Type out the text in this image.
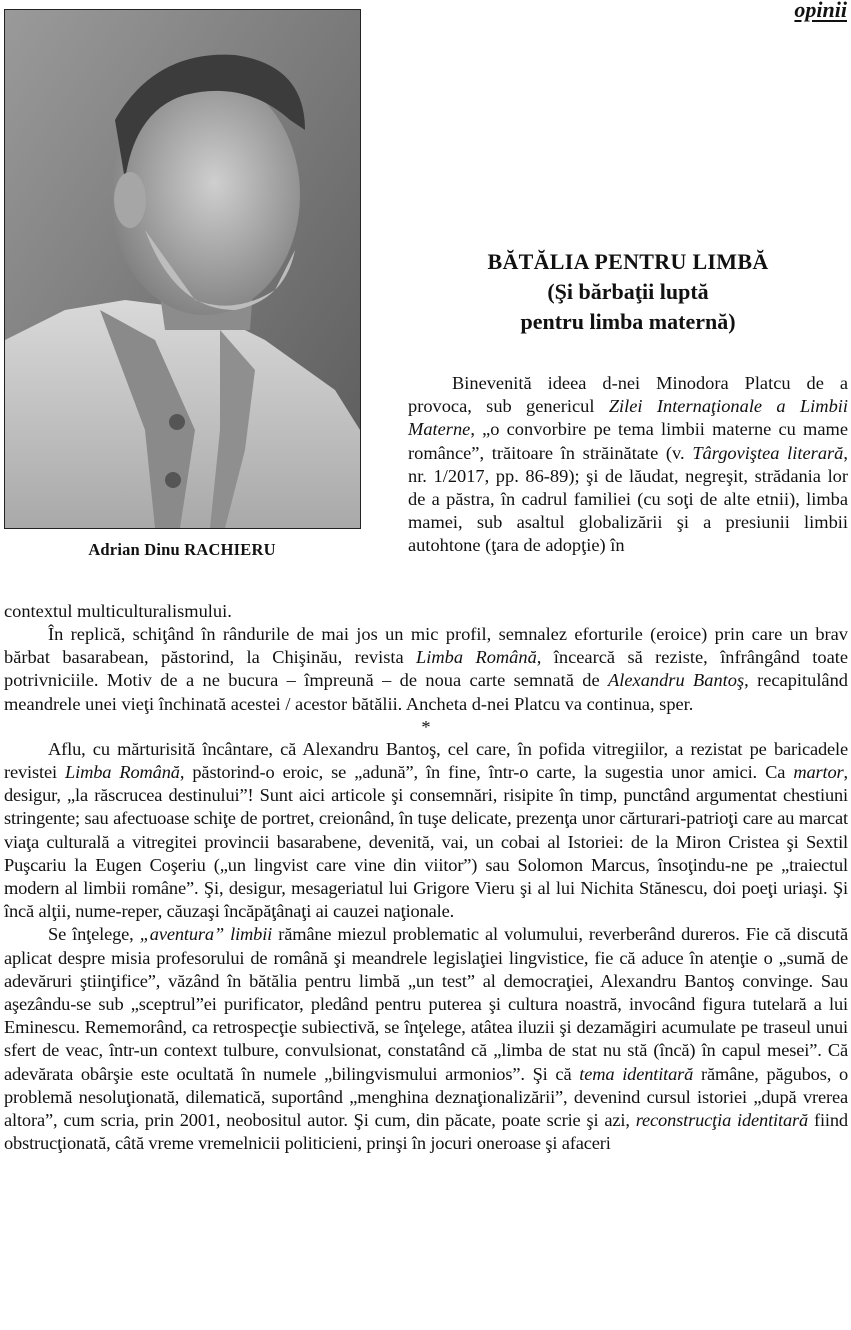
opinii

Adrian Dinu RACHIERU

BĂTĂLIA PENTRU LIMBĂ
(Şi bărbaţii luptă
pentru limba maternă)

Binevenită ideea d-nei Minodora Platcu de a provoca, sub genericul Zilei Internaţionale a Limbii Materne, „o convorbire pe tema limbii materne cu mame românce”, trăitoare în străinătate (v. Târgoviştea literară, nr. 1/2017, pp. 86-89); şi de lăudat, negreşit, strădania lor de a păstra, în cadrul familiei (cu soţi de alte etnii), limba mamei, sub asaltul globalizării şi a presiunii limbii autohtone (ţara de adopţie) în

contextul multiculturalismului.

În replică, schiţând în rândurile de mai jos un mic profil, semnalez eforturile (eroice) prin care un brav bărbat basarabean, păstorind, la Chişinău, revista Limba Română, încearcă să reziste, înfrângând toate potrivniciile. Motiv de a ne bucura – împreună – de noua carte semnată de Alexandru Bantoş, recapitulând meandrele unei vieţi închinată acestei / acestor bătălii. Ancheta d-nei Platcu va continua, sper.

*

Aflu, cu mărturisită încântare, că Alexandru Bantoş, cel care, în pofida vitregiilor, a rezistat pe baricadele revistei Limba Română, păstorind-o eroic, se „adună”, în fine, într-o carte, la sugestia unor amici. Ca martor, desigur, „la răscrucea destinului”! Sunt aici articole şi consemnări, risipite în timp, punctând argumentat chestiuni stringente; sau afectuoase schiţe de portret, creionând, în tuşe delicate, prezenţa unor cărturari-patrioţi care au marcat viaţa culturală a vitregitei provincii basarabene, devenită, vai, un cobai al Istoriei: de la Miron Cristea şi Sextil Puşcariu la Eugen Coşeriu („un lingvist care vine din viitor”) sau Solomon Marcus, însoţindu-ne pe „traiectul modern al limbii române”. Şi, desigur, mesageriatul lui Grigore Vieru şi al lui Nichita Stănescu, doi poeţi uriaşi. Şi încă alţii, nume-reper, căuzaşi încăpăţânaţi ai cauzei naţionale.

Se înţelege, „aventura” limbii rămâne miezul problematic al volumului, reverberând dureros. Fie că discută aplicat despre misia profesorului de română şi meandrele legislaţiei lingvistice, fie că aduce în atenţie o „sumă de adevăruri ştiinţifice”, văzând în bătălia pentru limbă „un test” al democraţiei, Alexandru Bantoş convinge. Sau aşezându-se sub „sceptrul”ei purificator, pledând pentru puterea şi cultura noastră, invocând figura tutelară a lui Eminescu. Rememorând, ca retrospecţie subiectivă, se înţelege, atâtea iluzii şi dezamăgiri acumulate pe traseul unui sfert de veac, într-un context tulbure, convulsionat, constatând că „limba de stat nu stă (încă) în capul mesei”. Că adevărata obârşie este ocultată în numele „bilingvismului armonios”. Şi că tema identitară rămâne, păgubos, o problemă nesoluţionată, dilematică, suportând „menghina deznaţionalizării”, devenind cursul istoriei „după vrerea altora”, cum scria, prin 2001, neobositul autor. Şi cum, din păcate, poate scrie şi azi, reconstrucţia identitară fiind obstrucţionată, câtă vreme vremelnicii politicieni, prinşi în jocuri oneroase şi afaceri
